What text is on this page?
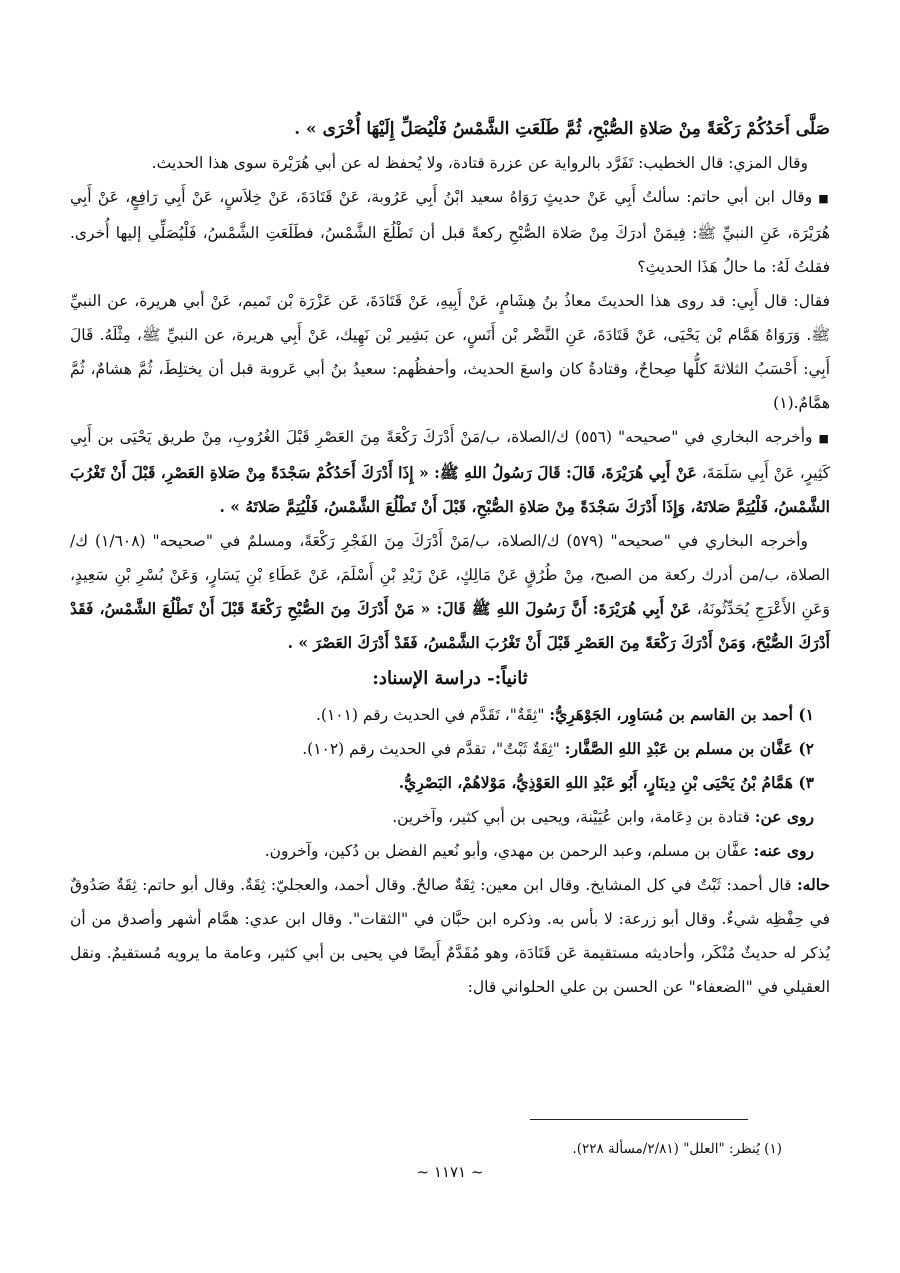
صَلَّى أَحَدُكُمْ رَكْعَةً مِنْ صَلاةِ الصُّبْحِ، ثُمَّ طَلَعَتِ الشَّمْسُ فَلْيُصَلِّ إِلَيْهَا أُخْرَى » .

وقال المزي: قال الخطيب: تَفَرَّد بالرواية عن عزرة قتادة، ولا يُحفظ له عن أبي هُرَيْرة سوى هذا الحديث.

■وقال ابن أبي حاتم: سألتُ أَبِي عَنْ حديثٍ رَوَاهُ سعيد ابْنُ أَبِي عَرُوبة، عَنْ قَتَادَةَ، عَنْ خِلاَسٍ، عَنْ أَبِي رَافِعٍ، عَنْ أَبِي هُرَيْرَة، عَنِ النبيِّ ﷺ: فِيمَنْ أدرَكَ مِنْ صَلاة الصُّبْحِ ركعةً قبل أن تَطْلُعَ الشَّمْسُ، فطَلَعَتِ الشَّمْسُ، فَلْيُصَلِّي إليها أُخرى. فقلتُ لَهُ: ما حالُ هَذَا الحديثِ؟

فقال: قال أَبِي: قد روى هذا الحديثَ معاذُ بنُ هِشَامٍ، عَنْ أَبِيهِ، عَنْ قَتَادَةَ، عَن عَزْرَة بْن تَميم، عَنْ أبي هريرة، عن النبيِّ ﷺ. وَرَوَاهُ هَمَّام بْن يَحْيَى، عَنْ قَتَادَةَ، عَنِ النَّضْر بْن أَنَسٍ، عن بَشِير بْن نَهِيك، عَنْ أَبِي هريرة، عن النبيِّ ﷺ، مِثْلَهُ. قَالَ أَبِي: أَحْسَبُ الثلاثةَ كلُّها صِحاحٌ، وقتادةُ كان واسعَ الحديث، وأحفظُهم: سعيدُ بنُ أبي عَروبة قبل أن يختلِطَ، ثُمَّ هشامٌ، ثُمَّ همَّامٌ.(١)

■وأخرجه البخاري في "صحيحه" (٥٥٦) ك/الصلاة، ب/مَنْ أَدْرَكَ رَكْعَةً مِنَ العَصْرِ قَبْلَ الغُرُوبِ، مِنْ طريق يَحْيَى بن أَبِي كَثِيرٍ، عَنْ أَبِي سَلَمَةَ، عَنْ أَبِي هُرَيْرَةَ، قَالَ: قَالَ رَسُولُ اللهِ ﷺ: « إِذَا أَدْرَكَ أَحَدُكُمْ سَجْدَةً مِنْ صَلاةِ العَصْرِ، قَبْلَ أَنْ تَغْرُبَ الشَّمْسُ، فَلْيُتِمَّ صَلاتَهُ، وَإِذَا أَدْرَكَ سَجْدَةً مِنْ صَلاةِ الصُّبْحِ، قَبْلَ أَنْ تَطْلُعَ الشَّمْسُ، فَلْيُتِمَّ صَلاتَهُ » .

وأخرجه البخاري في "صحيحه" (٥٧٩) ك/الصلاة، ب/مَنْ أَدْرَكَ مِنَ الفَجْرِ رَكْعَةً، ومسلمٌ في "صحيحه" (١/٦٠٨) ك/الصلاة، ب/من أدرك ركعة من الصبح، مِنْ طُرُقٍ عَنْ مَالِكٍ، عَنْ زَيْدِ بْنِ أَسْلَمَ، عَنْ عَطَاءِ بْنِ يَسَارٍ، وَعَنْ بُسْرِ بْنِ سَعِيدٍ، وَعَنِ الأَعْرَجِ يُحَدِّثُونَهُ، عَنْ أَبِي هُرَيْرَةَ: أَنَّ رَسُولَ اللهِ ﷺ قَالَ: « مَنْ أَدْرَكَ مِنَ الصُّبْحِ رَكْعَةً قَبْلَ أَنْ تَطْلُعَ الشَّمْسُ، فَقَدْ أَدْرَكَ الصُّبْحَ، وَمَنْ أَدْرَكَ رَكْعَةً مِنَ العَصْرِ قَبْلَ أَنْ تَغْرُبَ الشَّمْسُ، فَقَدْ أَدْرَكَ العَصْرَ » .

ثانياً:- دراسة الإسناد:

١) أحمد بن القاسم بن مُسَاوِر، الجَوْهَرِيُّ: "ثِقَةٌ"، تَقَدَّم في الحديث رقم (١٠١).

٢) عَفَّان بن مسلم بن عَبْدِ اللهِ الصَّفَّار: "ثِقَةٌ ثَبْتٌ"، تقدَّم في الحديث رقم (١٠٢).

٣) هَمَّامُ بْنُ يَحْيَى بْنِ دِينَارٍ، أَبُو عَبْدِ اللهِ العَوْذِيُّ، مَوْلاهُمْ، البَصْرِيُّ.

روى عن: قتادة بن دِعَامة، وابن عُيَيْنة، ويحيى بن أبي كثير، وآخرين.

روى عنه: عفَّان بن مسلم، وعبد الرحمن بن مهدي، وأبو نُعيم الفضل بن دُكين، وآخرون.

حاله: قال أحمد: ثَبْتٌ في كل المشايخ. وقال ابن معين: ثِقَةٌ صالحٌ. وقال أحمد، والعجليّ: ثِقَةٌ. وقال أبو حاتم: ثِقَةٌ صَدُوقٌ في حِفْظِه شيءٌ. وقال أبو زرعة: لا بأس به. وذكره ابن حبَّان في "الثقات". وقال ابن عدي: همَّام أشهر وأصدق من أن يُذكر له حديثٌ مُنْكَر، وأحاديثه مستقيمة عَن قَتَادَة، وهو مُقَدَّمٌ أَيضًا في يحيى بن أبي كثير، وعامة ما يرويه مُستقيمٌ. ونقل العقيلي في "الضعفاء" عن الحسن بن علي الحلواني قال:

(١) يُنظر: "العلل" (٢/٨١/مسألة ٢٢٨).
~ ١١٧١ ~
